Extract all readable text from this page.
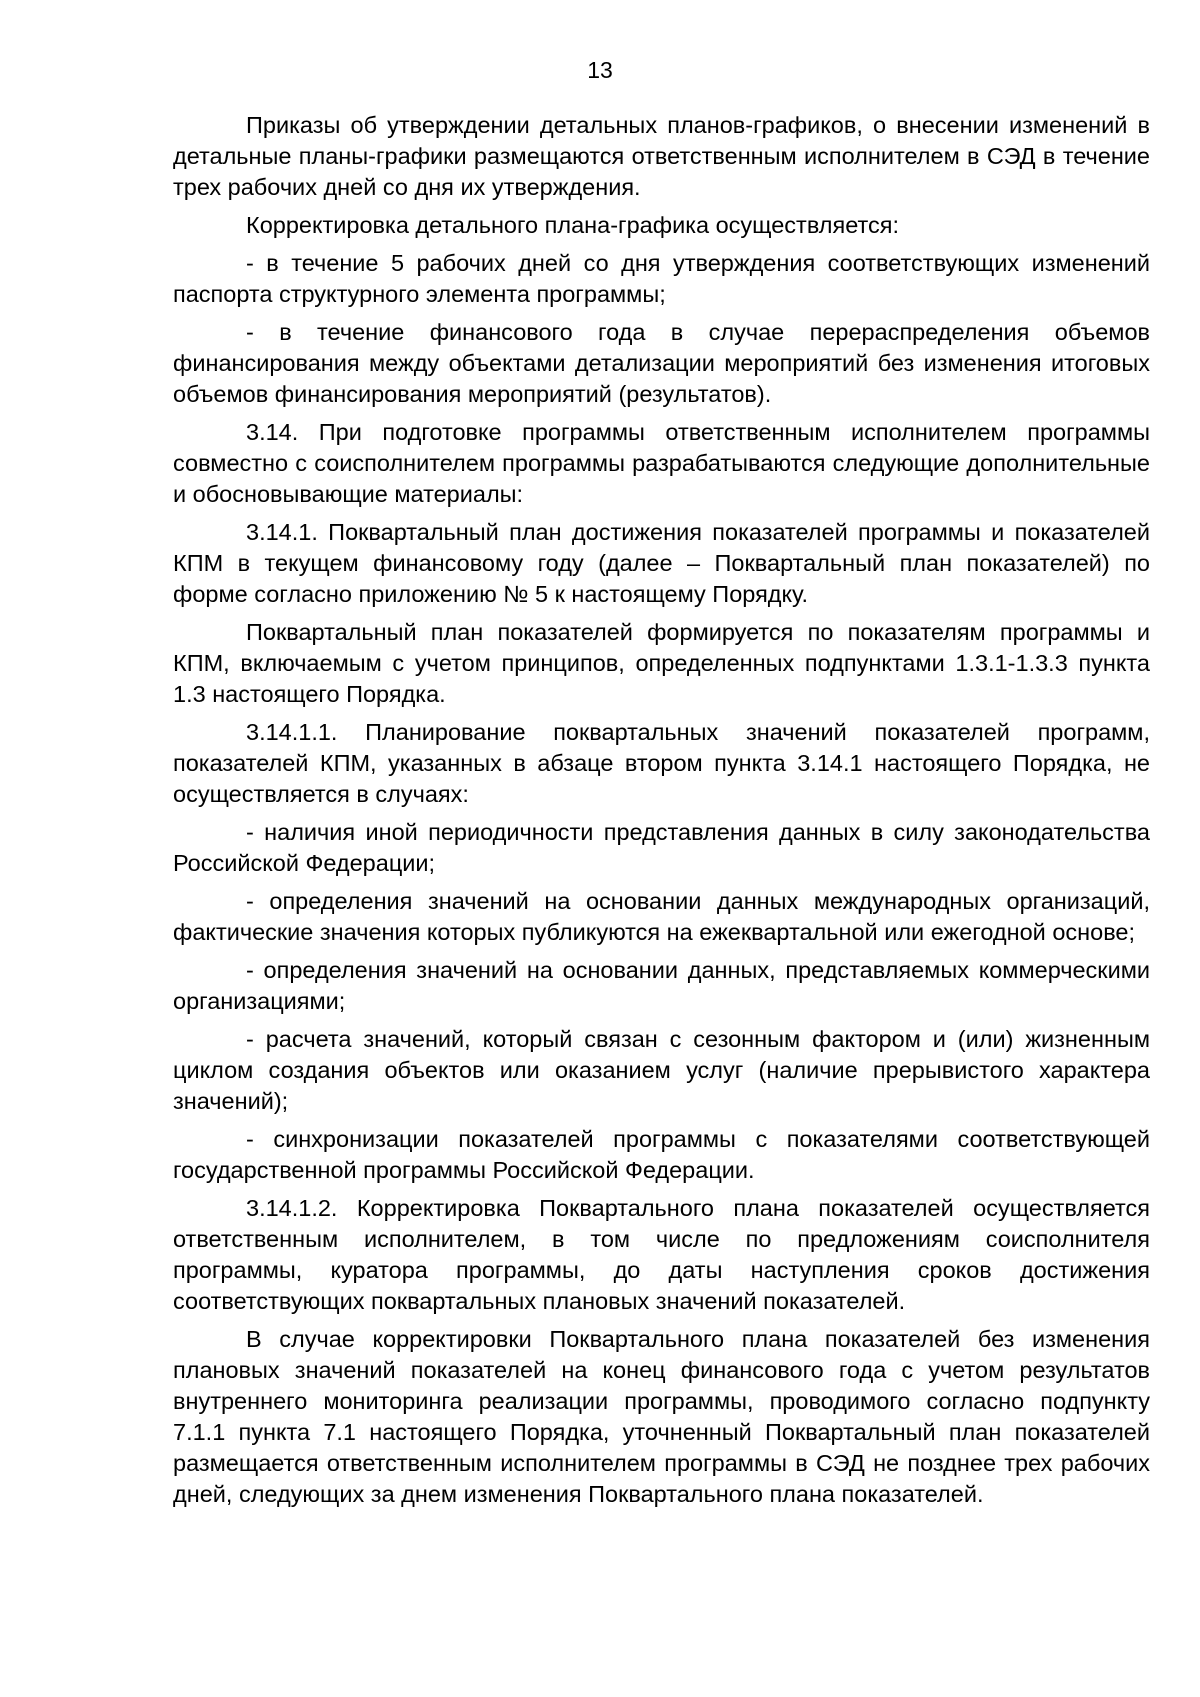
13

Приказы об утверждении детальных планов-графиков, о внесении изменений в детальные планы-графики размещаются ответственным исполнителем в СЭД в течение трех рабочих дней со дня их утверждения.

Корректировка детального плана-графика осуществляется:

- в течение 5 рабочих дней со дня утверждения соответствующих изменений паспорта структурного элемента программы;

- в течение финансового года в случае перераспределения объемов финансирования между объектами детализации мероприятий без изменения итоговых объемов финансирования мероприятий (результатов).

3.14. При подготовке программы ответственным исполнителем программы совместно с соисполнителем программы разрабатываются следующие дополнительные и обосновывающие материалы:

3.14.1. Поквартальный план достижения показателей программы и показателей КПМ в текущем финансовому году (далее – Поквартальный план показателей) по форме согласно приложению № 5 к настоящему Порядку.

Поквартальный план показателей формируется по показателям программы и КПМ, включаемым с учетом принципов, определенных подпунктами 1.3.1-1.3.3 пункта 1.3 настоящего Порядка.

3.14.1.1. Планирование поквартальных значений показателей программ, показателей КПМ, указанных в абзаце втором пункта 3.14.1 настоящего Порядка, не осуществляется в случаях:

- наличия иной периодичности представления данных в силу законодательства Российской Федерации;

- определения значений на основании данных международных организаций, фактические значения которых публикуются на ежеквартальной или ежегодной основе;

- определения значений на основании данных, представляемых коммерческими организациями;

- расчета значений, который связан с сезонным фактором и (или) жизненным циклом создания объектов или оказанием услуг (наличие прерывистого характера значений);

- синхронизации показателей программы с показателями соответствующей государственной программы Российской Федерации.

3.14.1.2. Корректировка Поквартального плана показателей осуществляется ответственным исполнителем, в том числе по предложениям соисполнителя программы, куратора программы, до даты наступления сроков достижения соответствующих поквартальных плановых значений показателей.

В случае корректировки Поквартального плана показателей без изменения плановых значений показателей на конец финансового года с учетом результатов внутреннего мониторинга реализации программы, проводимого согласно подпункту 7.1.1 пункта 7.1 настоящего Порядка, уточненный Поквартальный план показателей размещается ответственным исполнителем программы в СЭД не позднее трех рабочих дней, следующих за днем изменения Поквартального плана показателей.
